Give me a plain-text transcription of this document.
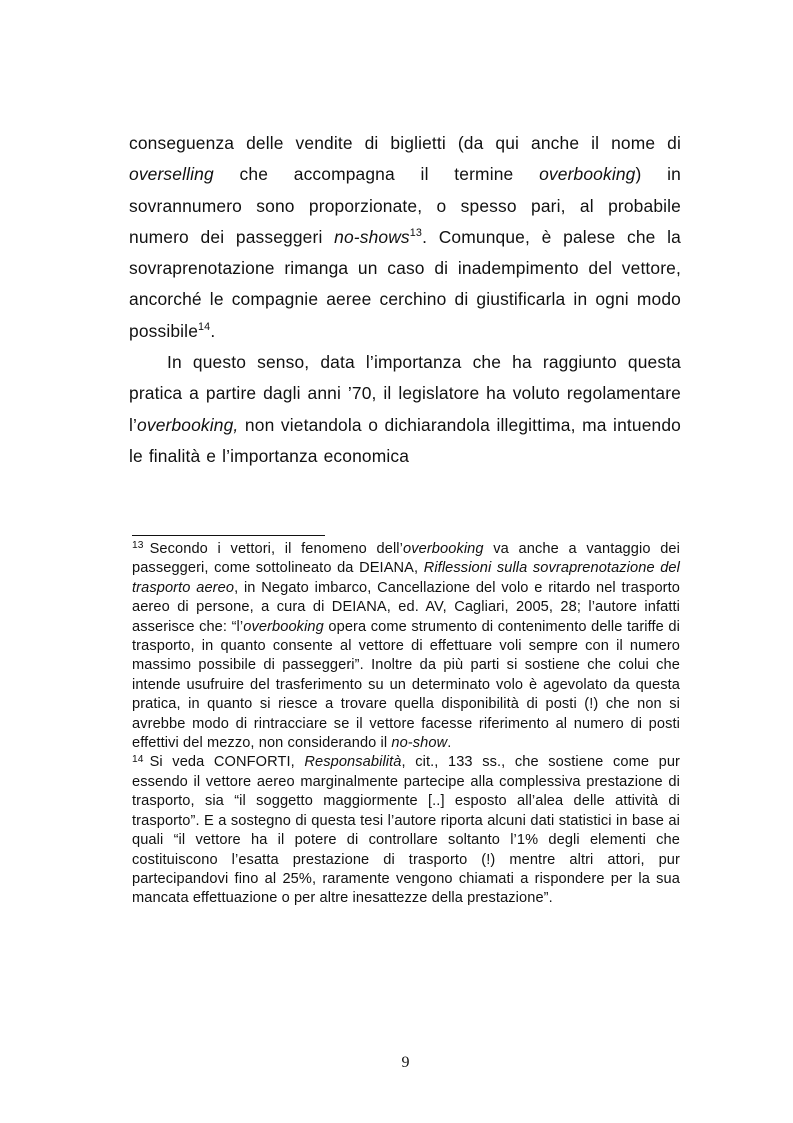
conseguenza delle vendite di biglietti (da qui anche il nome di overselling che accompagna il termine overbooking) in sovrannumero sono proporzionate, o spesso pari, al probabile numero dei passeggeri no-shows$^{13}$. Comunque, è palese che la sovraprenotazione rimanga un caso di inadempimento del vettore, ancorché le compagnie aeree cerchino di giustificarla in ogni modo possibile$^{14}$.

In questo senso, data l’importanza che ha raggiunto questa pratica a partire dagli anni ’70, il legislatore ha voluto regolamentare l’overbooking, non vietandola o dichiarandola illegittima, ma intuendo le finalità e l’importanza economica

$^{13}$ Secondo i vettori, il fenomeno dell’overbooking va anche a vantaggio dei passeggeri, come sottolineato da DEIANA, Riflessioni sulla sovraprenotazione del trasporto aereo, in Negato imbarco, Cancellazione del volo e ritardo nel trasporto aereo di persone, a cura di DEIANA, ed. AV, Cagliari, 2005, 28; l’autore infatti asserisce che: “l’overbooking opera come strumento di contenimento delle tariffe di trasporto, in quanto consente al vettore di effettuare voli sempre con il numero massimo possibile di passeggeri”. Inoltre da più parti si sostiene che colui che intende usufruire del trasferimento su un determinato volo è agevolato da questa pratica, in quanto si riesce a trovare quella disponibilità di posti (!) che non si avrebbe modo di rintracciare se il vettore facesse riferimento al numero di posti effettivi del mezzo, non considerando il no-show.

$^{14}$ Si veda CONFORTI, Responsabilità, cit., 133 ss., che sostiene come pur essendo il vettore aereo marginalmente partecipe alla complessiva prestazione di trasporto, sia “il soggetto maggiormente [..] esposto all’alea delle attività di trasporto”. E a sostegno di questa tesi l’autore riporta alcuni dati statistici in base ai quali “il vettore ha il potere di controllare soltanto l’1% degli elementi che costituiscono l’esatta prestazione di trasporto (!) mentre altri attori, pur partecipandovi fino al 25%, raramente vengono chiamati a rispondere per la sua mancata effettuazione o per altre inesattezze della prestazione”.

9
